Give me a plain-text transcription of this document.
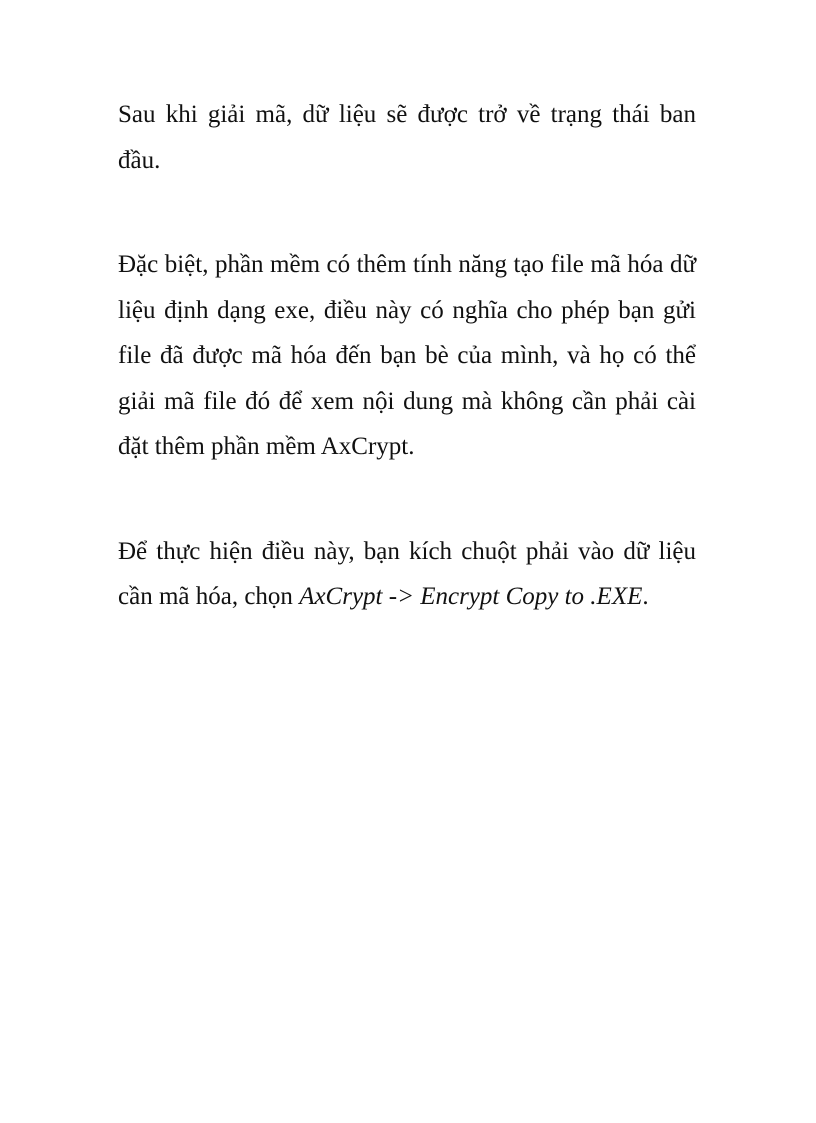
Sau khi giải mã, dữ liệu sẽ được trở về trạng thái ban đầu.

Đặc biệt, phần mềm có thêm tính năng tạo file mã hóa dữ liệu định dạng exe, điều này có nghĩa cho phép bạn gửi file đã được mã hóa đến bạn bè của mình, và họ có thể giải mã file đó để xem nội dung mà không cần phải cài đặt thêm phần mềm AxCrypt.

Để thực hiện điều này, bạn kích chuột phải vào dữ liệu cần mã hóa, chọn AxCrypt -> Encrypt Copy to .EXE.
